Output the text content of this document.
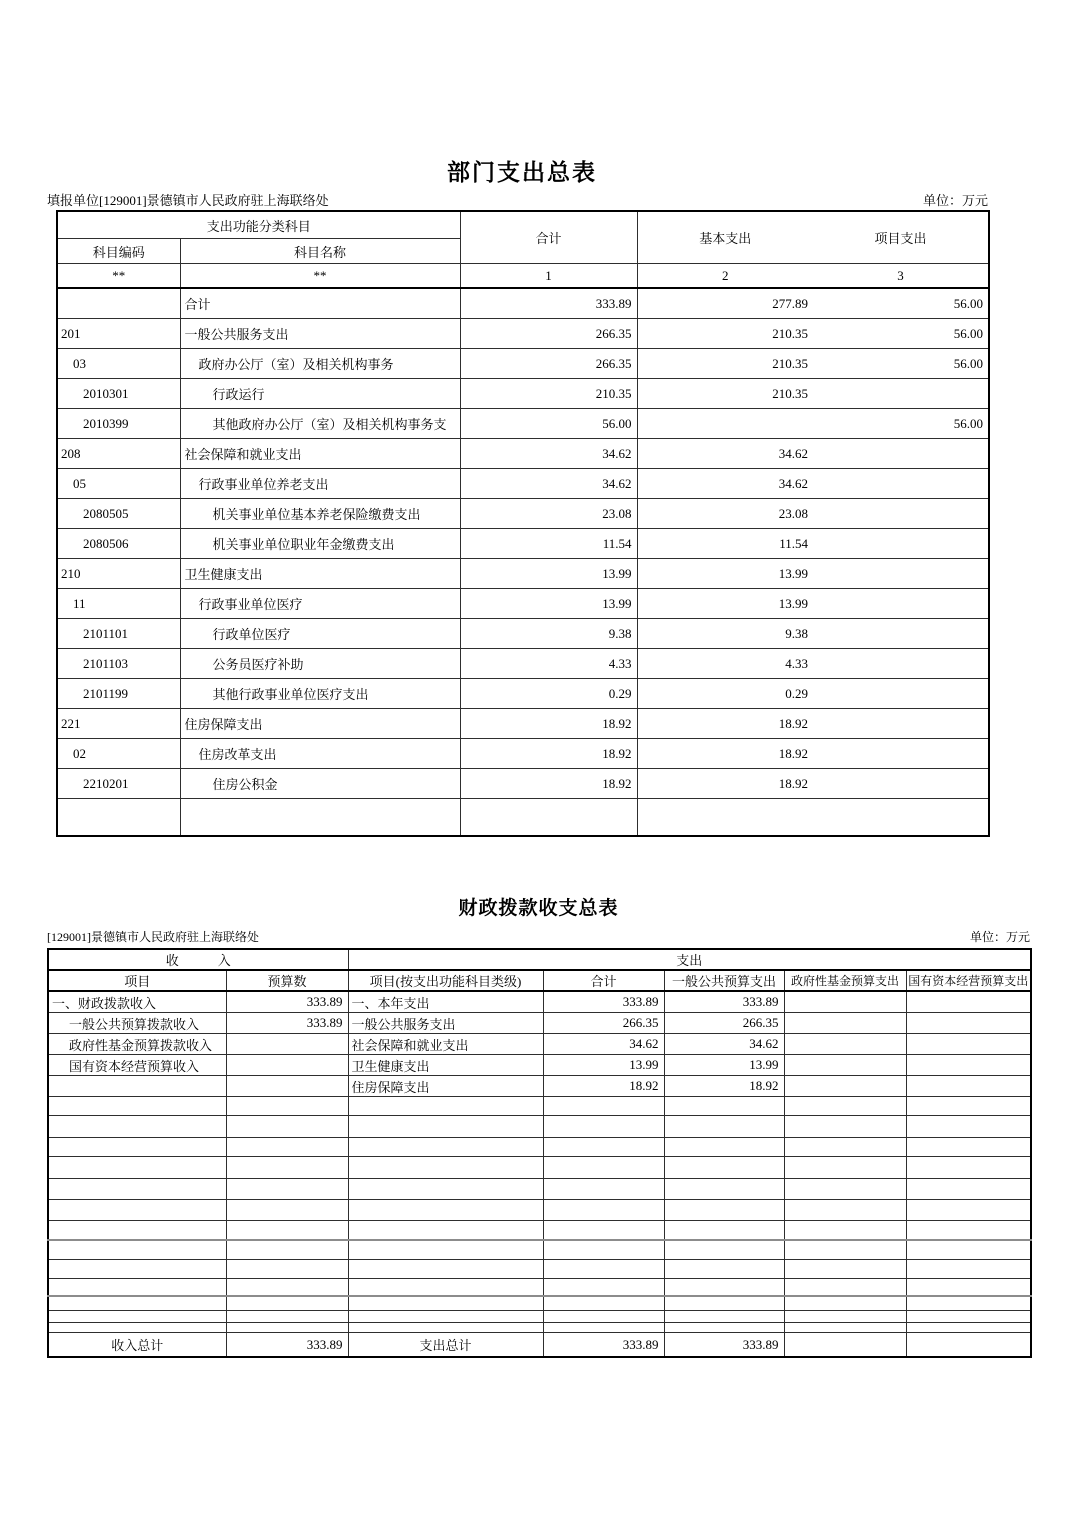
部门支出总表
填报单位[129001]景德镇市人民政府驻上海联络处	单位：万元
支出功能分类科目		合计	基本支出	项目支出
科目编码	科目名称			
**	**	1	2	3
	合计	333.89	277.89	56.00
201	一般公共服务支出	266.35	210.35	56.00
03	政府办公厅（室）及相关机构事务	266.35	210.35	56.00
2010301	行政运行	210.35	210.35	
2010399	其他政府办公厅（室）及相关机构事务支	56.00		56.00
208	社会保障和就业支出	34.62	34.62	
05	行政事业单位养老支出	34.62	34.62	
2080505	机关事业单位基本养老保险缴费支出	23.08	23.08	
2080506	机关事业单位职业年金缴费支出	11.54	11.54	
210	卫生健康支出	13.99	13.99	
11	行政事业单位医疗	13.99	13.99	
2101101	行政单位医疗	9.38	9.38	
2101103	公务员医疗补助	4.33	4.33	
2101199	其他行政事业单位医疗支出	0.29	0.29	
221	住房保障支出	18.92	18.92	
02	住房改革支出	18.92	18.92	
2210201	住房公积金	18.92	18.92	

财政拨款收支总表
[129001]景德镇市人民政府驻上海联络处	单位：万元
收　　　入		支出				
项目	预算数	项目(按支出功能科目类级)	合计	一般公共预算支出	政府性基金预算支出	国有资本经营预算支出
一、财政拨款收入	333.89	一、本年支出	333.89	333.89		
一般公共预算拨款收入	333.89	一般公共服务支出	266.35	266.35		
政府性基金预算拨款收入		社会保障和就业支出	34.62	34.62		
国有资本经营预算收入		卫生健康支出	13.99	13.99		
		住房保障支出	18.92	18.92		

收入总计	333.89	支出总计	333.89	333.89		
